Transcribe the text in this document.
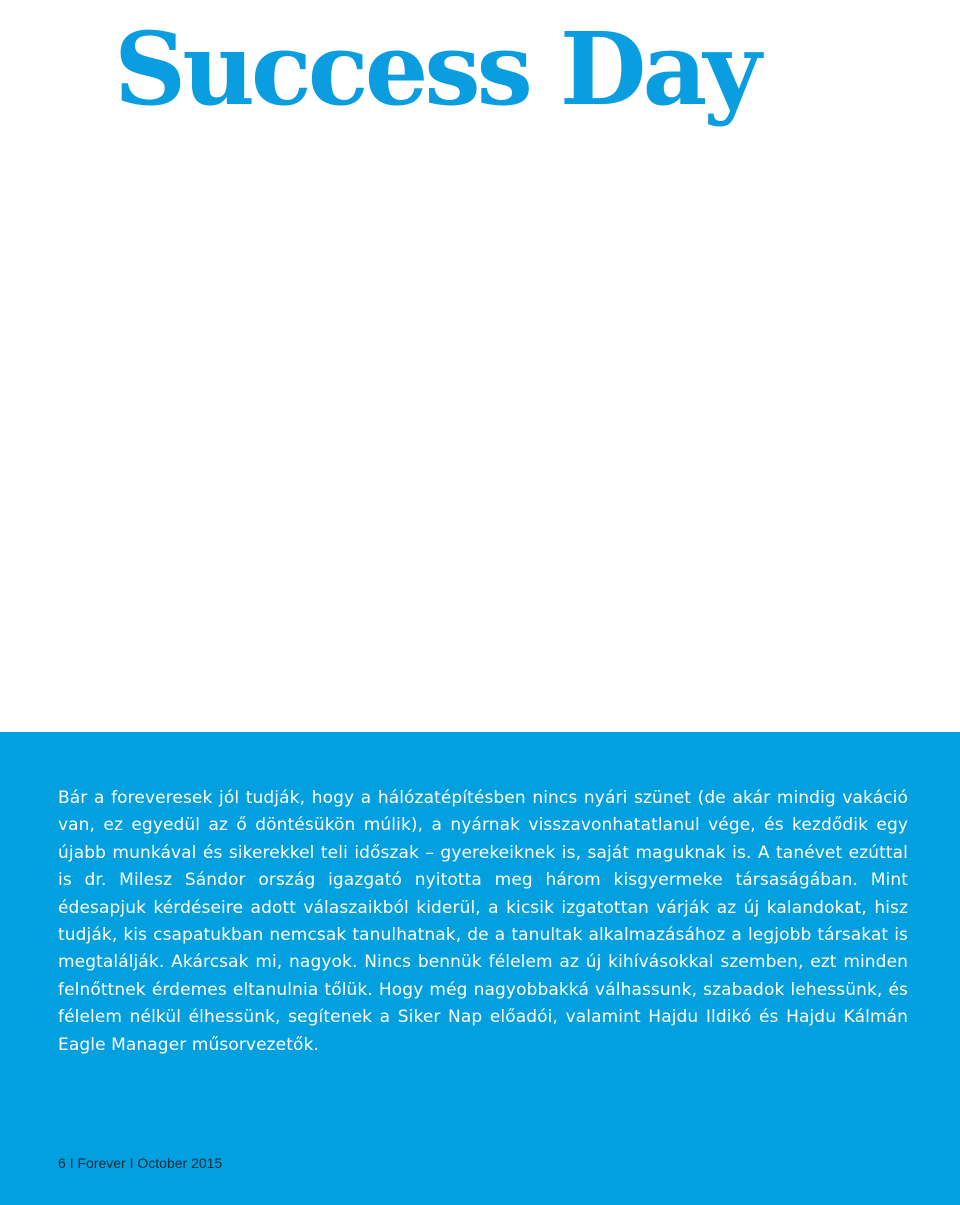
Success Day

Bár a foreveresek jól tudják, hogy a hálózatépítésben nincs nyári szünet (de akár mindig vakáció van, ez egyedül az ő döntésükön múlik), a nyárnak visszavonhatatlanul vége, és kezdődik egy újabb munkával és sikerekkel teli időszak – gyerekeiknek is, saját maguknak is. A tanévet ezúttal is dr. Milesz Sándor ország igazgató nyitotta meg három kisgyermeke társaságában. Mint édesapjuk kérdéseire adott válaszaikból kiderül, a kicsik izgatottan várják az új kalandokat, hisz tudják, kis csapatukban nemcsak tanulhatnak, de a tanultak alkalmazásához a legjobb társakat is megtalálják. Akárcsak mi, nagyok. Nincs bennük félelem az új kihívásokkal szemben, ezt minden felnőttnek érdemes eltanulnia tőlük. Hogy még nagyobbakká válhassunk, szabadok lehessünk, és félelem nélkül élhessünk, segítenek a Siker Nap előadói, valamint Hajdu Ildikó és Hajdu Kálmán Eagle Manager műsorvezetők.

6 I Forever I October 2015
